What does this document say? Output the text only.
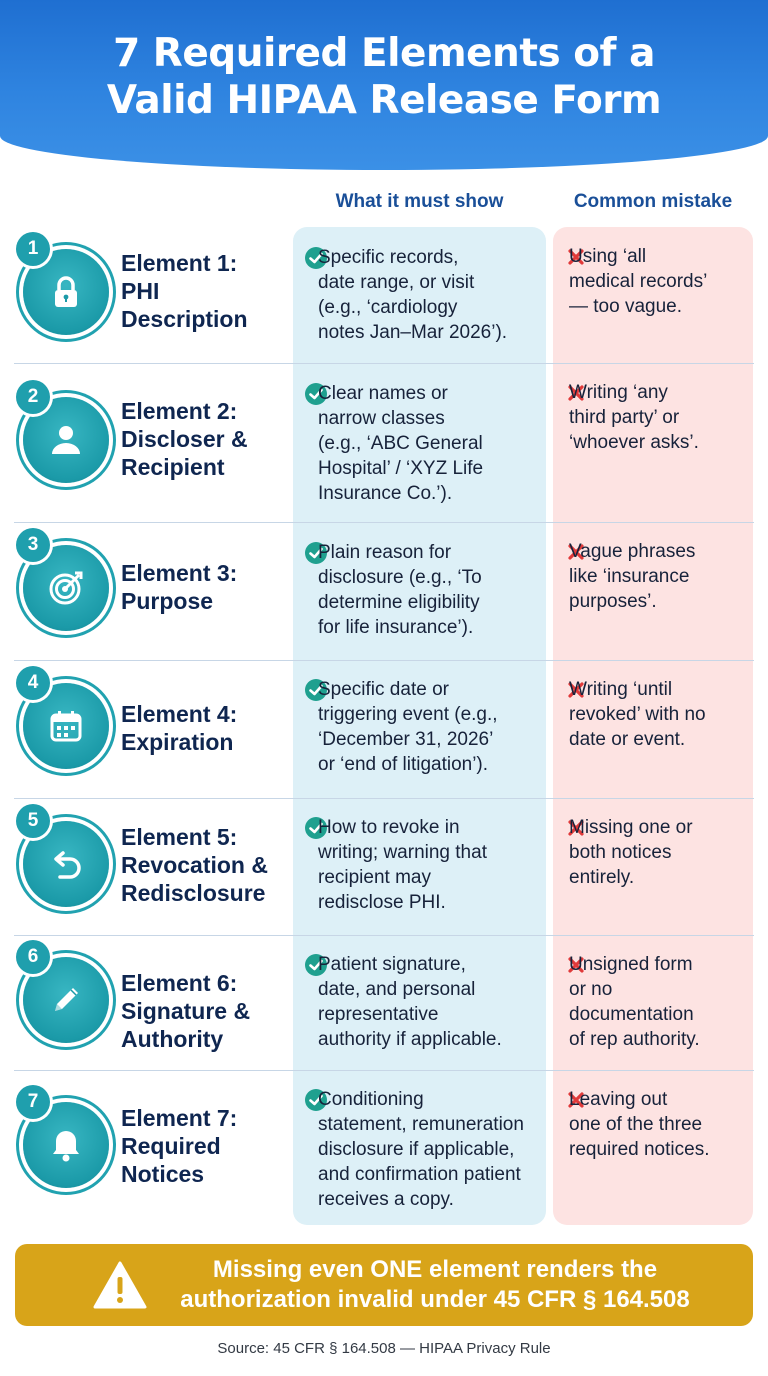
7 Required Elements of a
Valid HIPAA Release Form
What it must show	Common mistake
1
Element 1:
PHI
Description
Specific records,
date range, or visit
(e.g., ‘cardiology
notes Jan–Mar 2026’).
Using ‘all
medical records’
— too vague.
2
Element 2:
Discloser &
Recipient
Clear names or
narrow classes
(e.g., ‘ABC General
Hospital’ / ‘XYZ Life
Insurance Co.’).
Writing ‘any
third party’ or
‘whoever asks’.
3
Element 3:
Purpose
Plain reason for
disclosure (e.g., ‘To
determine eligibility
for life insurance’).
Vague phrases
like ‘insurance
purposes’.
4
Element 4:
Expiration
Specific date or
triggering event (e.g.,
‘December 31, 2026’
or ‘end of litigation’).
Writing ‘until
revoked’ with no
date or event.
5
Element 5:
Revocation &
Redisclosure
How to revoke in
writing; warning that
recipient may
redisclose PHI.
Missing one or
both notices
entirely.
6
Element 6:
Signature &
Authority
Patient signature,
date, and personal
representative
authority if applicable.
Unsigned form
or no
documentation
of rep authority.
7
Element 7:
Required
Notices
Conditioning
statement, remuneration
disclosure if applicable,
and confirmation patient
receives a copy.
Leaving out
one of the three
required notices.
Missing even ONE element renders the
authorization invalid under 45 CFR § 164.508
Source: 45 CFR § 164.508 — HIPAA Privacy Rule
